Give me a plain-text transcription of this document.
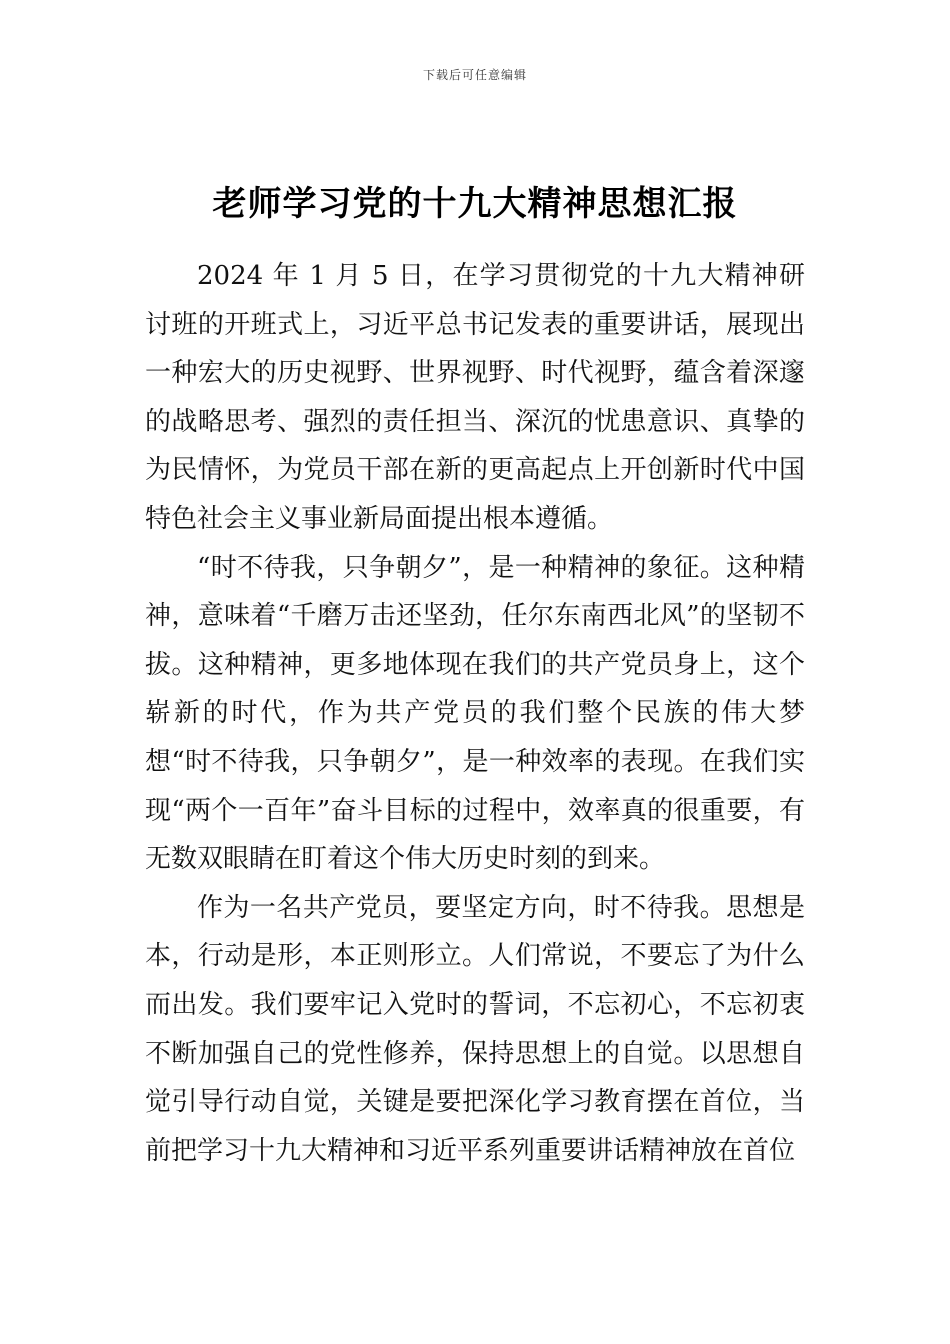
下载后可任意编辑
老师学习党的十九大精神思想汇报

2024 年 1 月 5 日，在学习贯彻党的十九大精神研讨班的开班式上，习近平总书记发表的重要讲话，展现出一种宏大的历史视野、世界视野、时代视野，蕴含着深邃的战略思考、强烈的责任担当、深沉的忧患意识、真挚的为民情怀，为党员干部在新的更高起点上开创新时代中国特色社会主义事业新局面提出根本遵循。

“时不待我，只争朝夕”，是一种精神的象征。这种精神，意味着“千磨万击还坚劲，任尔东南西北风”的坚韧不拔。这种精神，更多地体现在我们的共产党员身上，这个崭新的时代，作为共产党员的我们整个民族的伟大梦想“时不待我，只争朝夕”，是一种效率的表现。在我们实现“两个一百年”奋斗目标的过程中，效率真的很重要，有无数双眼睛在盯着这个伟大历史时刻的到来。

作为一名共产党员，要坚定方向，时不待我。思想是本，行动是形，本正则形立。人们常说，不要忘了为什么而出发。我们要牢记入党时的誓词，不忘初心，不忘初衷不断加强自己的党性修养，保持思想上的自觉。以思想自觉引导行动自觉，关键是要把深化学习教育摆在首位，当前把学习十九大精神和习近平系列重要讲话精神放在首位
